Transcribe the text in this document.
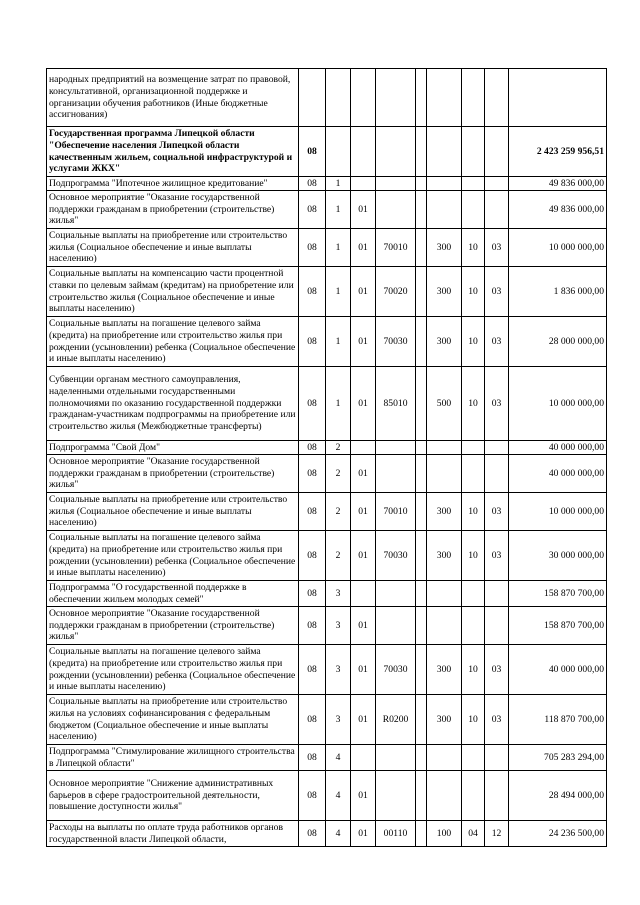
народных предприятий на возмещение затрат по правовой, консультативной, организационной поддержке и организации обучения работников (Иные бюджетные ассигнования)									
Государственная программа Липецкой области "Обеспечение населения Липецкой области качественным жильем, социальной инфраструктурой и услугами ЖКХ"	08								2 423 259 956,51
Подпрограмма "Ипотечное жилищное кредитование"	08	1							49 836 000,00
Основное мероприятие "Оказание государственной поддержки гражданам в приобретении (строительстве) жилья"	08	1	01						49 836 000,00
Социальные выплаты на приобретение или строительство жилья (Социальное обеспечение и иные выплаты населению)	08	1	01	70010		300	10	03	10 000 000,00
Социальные выплаты на компенсацию части процентной ставки по целевым займам (кредитам) на приобретение или строительство жилья (Социальное обеспечение и иные выплаты населению)	08	1	01	70020		300	10	03	1 836 000,00
Социальные выплаты на погашение целевого займа (кредита) на приобретение или строительство жилья при рождении (усыновлении) ребенка (Социальное обеспечение и иные выплаты населению)	08	1	01	70030		300	10	03	28 000 000,00
Субвенции органам местного самоуправления, наделенными отдельными государственными полномочиями по оказанию государственной поддержки гражданам-участникам подпрограммы на приобретение или строительство жилья (Межбюджетные трансферты)	08	1	01	85010		500	10	03	10 000 000,00
Подпрограмма "Свой Дом"	08	2							40 000 000,00
Основное мероприятие "Оказание государственной поддержки гражданам в приобретении (строительстве) жилья"	08	2	01						40 000 000,00
Социальные выплаты на приобретение или строительство жилья (Социальное обеспечение и иные выплаты населению)	08	2	01	70010		300	10	03	10 000 000,00
Социальные выплаты на погашение целевого займа (кредита) на приобретение или строительство жилья при рождении (усыновлении) ребенка (Социальное обеспечение и иные выплаты населению)	08	2	01	70030		300	10	03	30 000 000,00
Подпрограмма "О государственной поддержке в обеспечении жильем молодых семей"	08	3							158 870 700,00
Основное мероприятие "Оказание государственной поддержки гражданам в приобретении (строительстве) жилья"	08	3	01						158 870 700,00
Социальные выплаты на погашение целевого займа (кредита) на приобретение или строительство жилья при рождении (усыновлении) ребенка (Социальное обеспечение и иные выплаты населению)	08	3	01	70030		300	10	03	40 000 000,00
Социальные выплаты на приобретение или строительство жилья на условиях софинансирования с федеральным бюджетом (Социальное обеспечение и иные выплаты населению)	08	3	01	R0200		300	10	03	118 870 700,00
Подпрограмма "Стимулирование жилищного строительства в Липецкой области"	08	4							705 283 294,00
Основное мероприятие "Снижение административных барьеров в сфере градостроительной деятельности, повышение доступности жилья"	08	4	01						28 494 000,00
Расходы на выплаты по оплате труда работников органов государственной власти Липецкой области,	08	4	01	00110		100	04	12	24 236 500,00
